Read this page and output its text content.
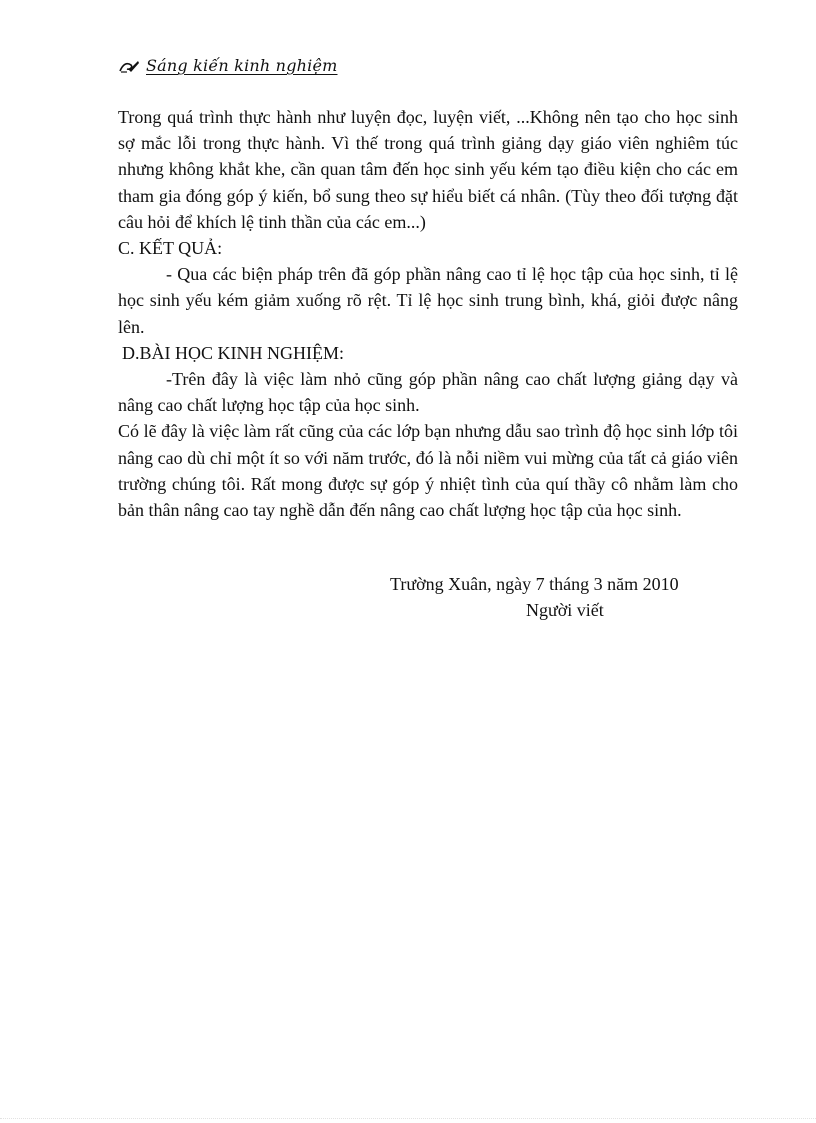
Sáng kiến kinh nghiệm

Trong quá trình thực hành như luyện đọc, luyện viết, ...Không nên tạo cho học sinh sợ mắc lỗi trong thực hành. Vì thế trong quá trình giảng dạy giáo viên nghiêm túc nhưng không khắt khe, cần quan tâm đến học sinh yếu kém tạo điều kiện cho các em tham gia đóng góp ý kiến, bổ sung theo sự hiểu biết cá nhân. (Tùy theo đối tượng đặt câu hỏi để khích lệ tinh thần của các em...)

C. KẾT QUẢ:

- Qua các biện pháp trên đã góp phần nâng cao tỉ lệ học tập của học sinh, tỉ lệ học sinh yếu kém giảm xuống rõ rệt. Tỉ lệ học sinh trung bình, khá, giỏi được nâng lên.

D.BÀI HỌC KINH NGHIỆM:

-Trên đây là việc làm nhỏ cũng góp phần nâng cao chất lượng giảng dạy và nâng cao chất lượng học tập của học sinh.

Có lẽ đây là việc làm rất cũng của các lớp bạn nhưng dẫu sao trình độ học sinh lớp tôi nâng cao dù chỉ một ít so với năm trước, đó là nỗi niềm vui mừng của tất cả giáo viên trường chúng tôi. Rất mong được sự góp ý nhiệt tình của quí thầy cô nhằm làm cho bản thân nâng cao tay nghề dẫn đến nâng cao chất lượng học tập của học sinh.

Trường Xuân, ngày 7 tháng 3 năm 2010
Người viết
